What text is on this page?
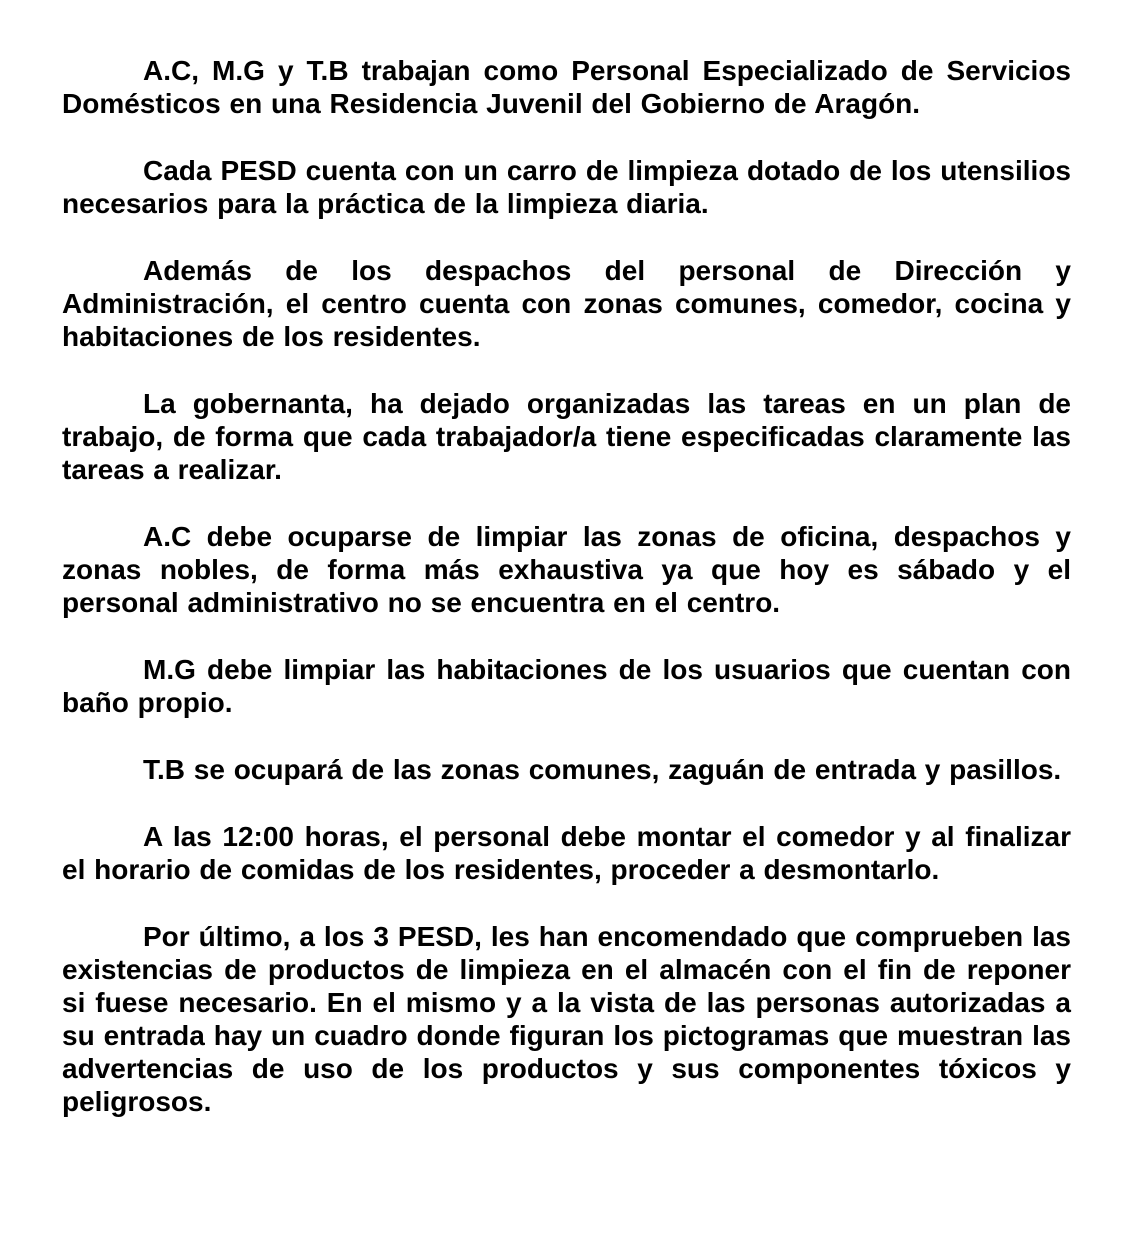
A.C, M.G y T.B trabajan como Personal Especializado de Servicios Domésticos en una Residencia Juvenil del Gobierno de Aragón.

Cada PESD cuenta con un carro de limpieza dotado de los utensilios necesarios para la práctica de la limpieza diaria.

Además de los despachos del personal de Dirección y Administración, el centro cuenta con zonas comunes, comedor, cocina y habitaciones de los residentes.

La gobernanta, ha dejado organizadas las tareas en un plan de trabajo, de forma que cada trabajador/a tiene especificadas claramente las tareas a realizar.

A.C debe ocuparse de limpiar las zonas de oficina, despachos y zonas nobles, de forma más exhaustiva ya que hoy es sábado y el personal administrativo no se encuentra en el centro.

M.G debe limpiar las habitaciones de los usuarios que cuentan con baño propio.

T.B se ocupará de las zonas comunes, zaguán de entrada y pasillos.

A las 12:00 horas, el personal debe montar el comedor y al finalizar el horario de comidas de los residentes, proceder a desmontarlo.

Por último, a los 3 PESD, les han encomendado que comprueben las existencias de productos de limpieza en el almacén con el fin de reponer si fuese necesario. En el mismo y a la vista de las personas autorizadas a su entrada hay un cuadro donde figuran los pictogramas que muestran las advertencias de uso de los productos y sus componentes tóxicos y peligrosos.
